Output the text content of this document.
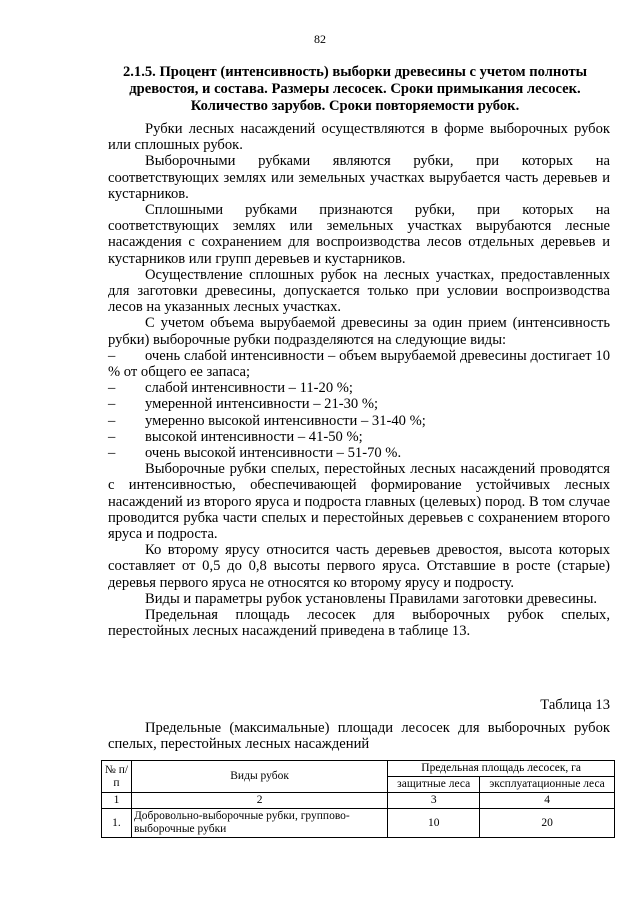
82
2.1.5. Процент (интенсивность) выборки древесины с учетом полноты древостоя, и состава. Размеры лесосек. Сроки примыкания лесосек. Количество зарубов. Сроки повторяемости рубок.

Рубки лесных насаждений осуществляются в форме выборочных рубок или сплошных рубок.

Выборочными рубками являются рубки, при которых на соответствующих землях или земельных участках вырубается часть деревьев и кустарников.

Сплошными рубками признаются рубки, при которых на соответствующих землях или земельных участках вырубаются лесные насаждения с сохранением для воспроизводства лесов отдельных деревьев и кустарников или групп деревьев и кустарников.

Осуществление сплошных рубок на лесных участках, предоставленных для заготовки древесины, допускается только при условии воспроизводства лесов на указанных лесных участках.

С учетом объема вырубаемой древесины за один прием (интенсивность рубки) выборочные рубки подразделяются на следующие виды:

– очень слабой интенсивности – объем вырубаемой древесины достигает 10 % от общего ее запаса;
– слабой интенсивности – 11-20 %;
– умеренной интенсивности – 21-30 %;
– умеренно высокой интенсивности – 31-40 %;
– высокой интенсивности – 41-50 %;
– очень высокой интенсивности – 51-70 %.

Выборочные рубки спелых, перестойных лесных насаждений проводятся с интенсивностью, обеспечивающей формирование устойчивых лесных насаждений из второго яруса и подроста главных (целевых) пород. В том случае проводится рубка части спелых и перестойных деревьев с сохранением второго яруса и подроста.

Ко второму ярусу относится часть деревьев древостоя, высота которых составляет от 0,5 до 0,8 высоты первого яруса. Отставшие в росте (старые) деревья первого яруса не относятся ко второму ярусу и подросту.

Виды и параметры рубок установлены Правилами заготовки древесины.

Предельная площадь лесосек для выборочных рубок спелых, перестойных лесных насаждений приведена в таблице 13.

Таблица 13
Предельные (максимальные) площади лесосек для выборочных рубок спелых, перестойных лесных насаждений
№ п/п	Виды рубок	Предельная площадь лесосек, га	
		защитные леса	эксплуатационные леса
1	2	3	4
1.	Добровольно-выборочные рубки, группово-выборочные рубки	10	20
